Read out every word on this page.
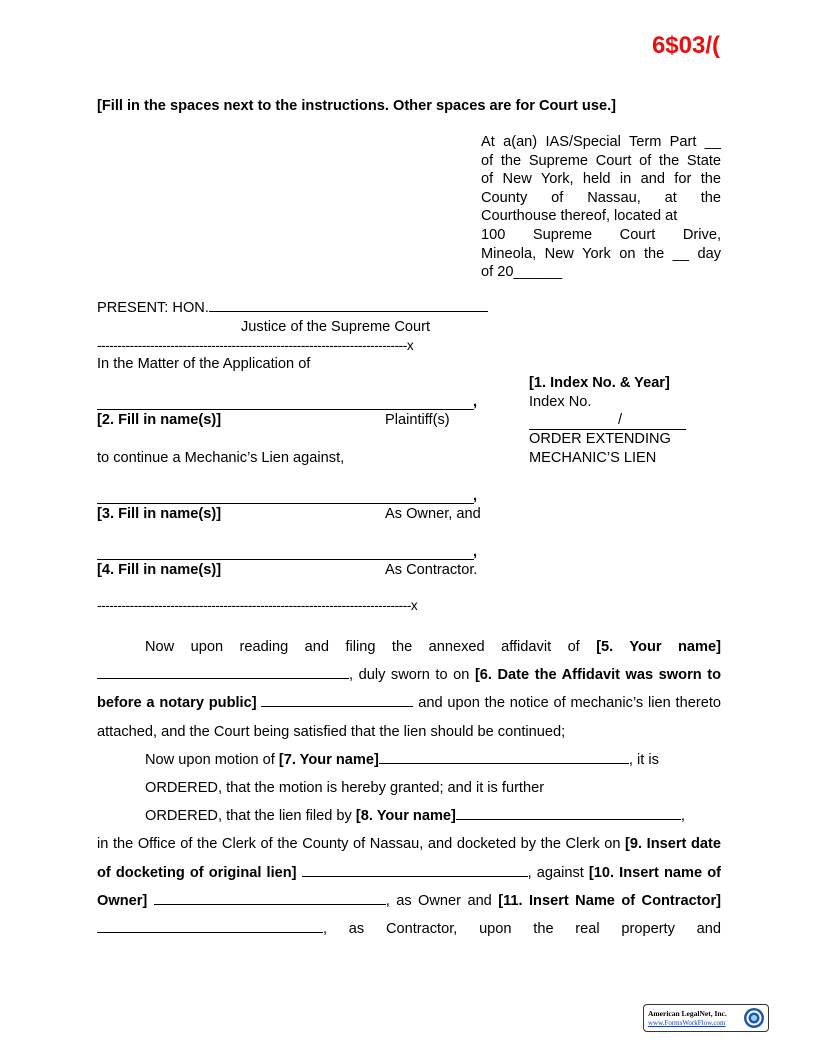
6$03/(
[Fill in the spaces next to the instructions. Other spaces are for Court use.]
At a(an) IAS/Special Term Part __
of the Supreme Court of the State
of New York, held in and for the
County of Nassau, at the
Courthouse thereof, located at
100 Supreme Court Drive,
Mineola, New York on the __ day
of 20______
PRESENT: HON.
Justice of the Supreme Court
----------------------------------------------------------------------------x
In the Matter of the Application of
[1. Index No. & Year]
Index No.
/
ORDER EXTENDING
MECHANIC’S LIEN
,
[2. Fill in name(s)]	Plaintiff(s)
to continue a Mechanic’s Lien against,
,
[3. Fill in name(s)]	As Owner, and
,
[4. Fill in name(s)]	As Contractor.
-----------------------------------------------------------------------------x

Now upon reading and filing the annexed affidavit of [5. Your name] , duly sworn to on [6. Date the Affidavit was sworn to before a notary public]	and upon the notice of mechanic’s lien thereto attached, and the Court being satisfied that the lien should be continued;

Now upon motion of [7. Your name]	, it is

ORDERED, that the motion is hereby granted; and it is further

ORDERED, that the lien filed by [8. Your name]	,

in the Office of the Clerk of the County of Nassau, and docketed by the Clerk on [9. Insert date of docketing of original lien]	, against [10. Insert name of Owner]	, as Owner and [11. Insert Name of Contractor], as Contractor, upon the real property and

American LegalNet, Inc.
www.FormsWorkFlow.com
